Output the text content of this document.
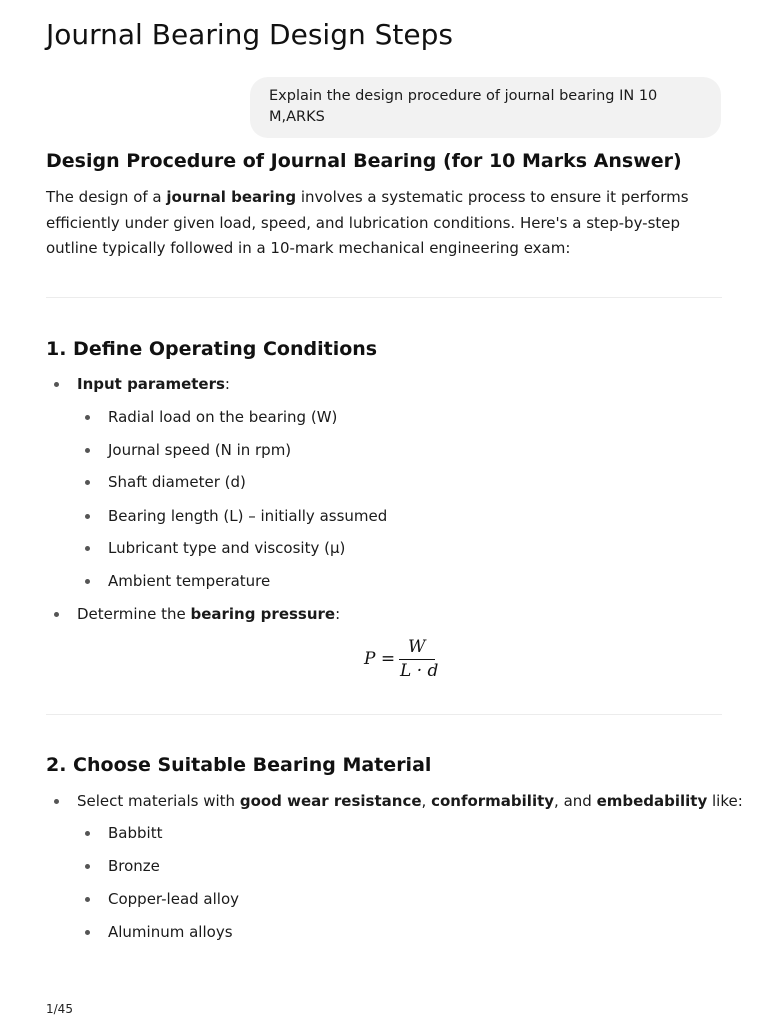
Journal Bearing Design Steps
Explain the design procedure of journal bearing IN 10 M,ARKS
Design Procedure of Journal Bearing (for 10 Marks Answer)

The design of a journal bearing involves a systematic process to ensure it performs efficiently under given load, speed, and lubrication conditions. Here's a step-by-step outline typically followed in a 10-mark mechanical engineering exam:

1. Define Operating Conditions
Input parameters:
Radial load on the bearing (W)
Journal speed (N in rpm)
Shaft diameter (d)
Bearing length (L) – initially assumed
Lubricant type and viscosity (μ)
Ambient temperature
Determine the bearing pressure:
P =
W
L · d
2. Choose Suitable Bearing Material
Select materials with good wear resistance, conformability, and embedability like:
Babbitt
Bronze
Copper-lead alloy
Aluminum alloys
1/45
